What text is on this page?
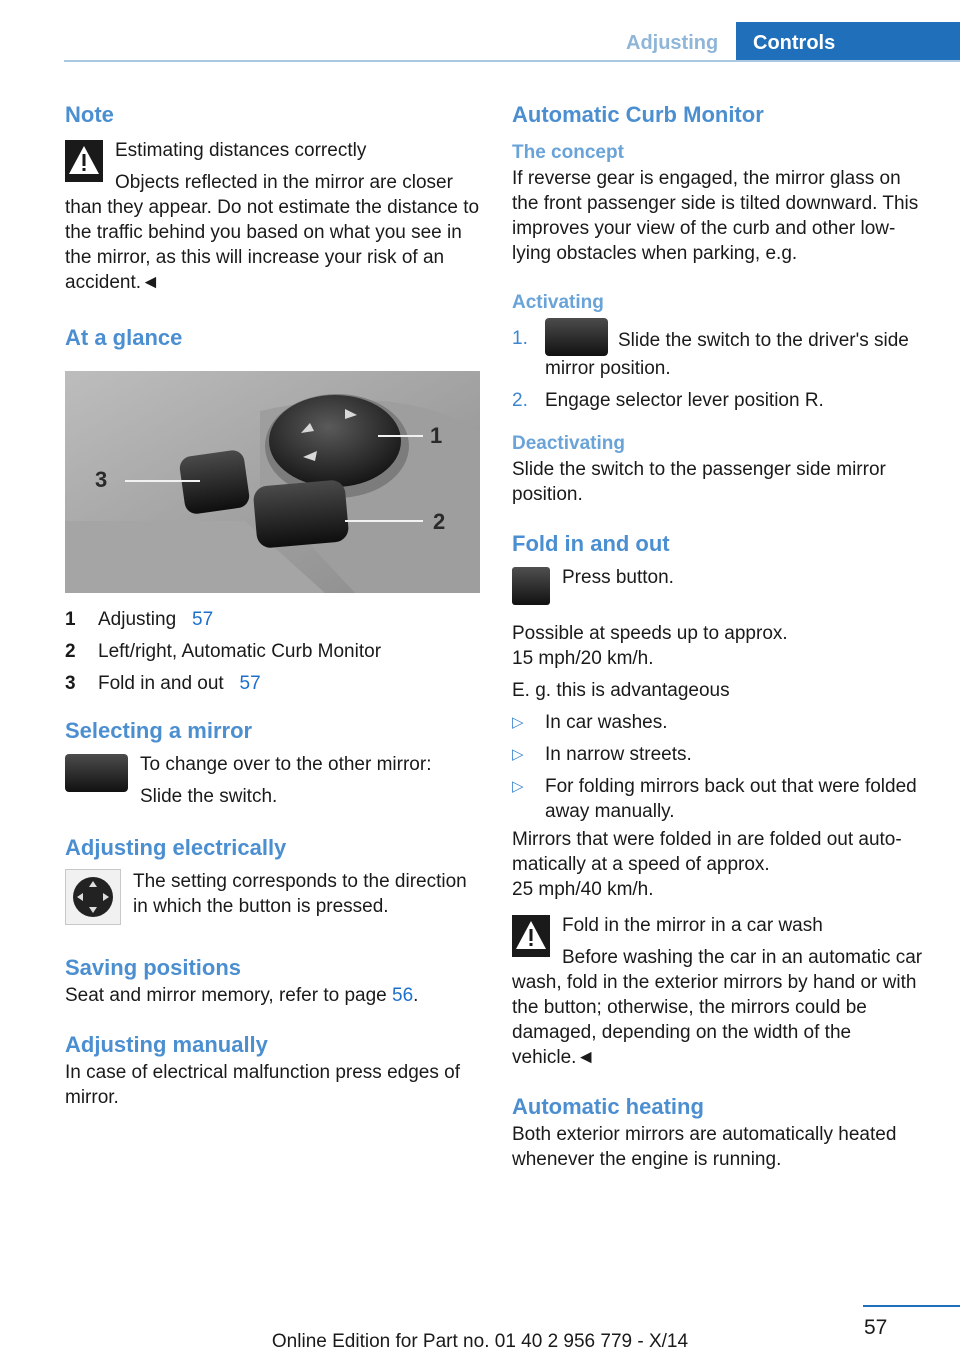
Adjusting	Controls

Note

Estimating distances correctly

Objects reflected in the mirror are closer than they appear. Do not estimate the distance to the traffic behind you based on what you see in the mirror, as this will increase your risk of an accident.◄

At a glance

1
2
3
1	Adjusting 57
2	Left/right, Automatic Curb Monitor
3	Fold in and out 57

Selecting a mirror

To change over to the other mirror:

Slide the switch.

Adjusting electrically

The setting corresponds to the direction in which the button is pressed.

Saving positions

Seat and mirror memory, refer to page 56.

Adjusting manually

In case of electrical malfunction press edges of mirror.

Automatic Curb Monitor

The concept

If reverse gear is engaged, the mirror glass on the front passenger side is tilted downward. This improves your view of the curb and other low-lying obstacles when parking, e.g.

Activating

1.	Slide the switch to the driver's side mirror position.
2. Engage selector lever position R.

Deactivating

Slide the switch to the passenger side mirror position.

Fold in and out

Press button.

Possible at speeds up to approx.

15 mph/20 km/h.

E. g. this is advantageous

▷	In car washes.
▷	In narrow streets.
▷	For folding mirrors back out that were folded away manually.

Mirrors that were folded in are folded out automatically at a speed of approx.

25 mph/40 km/h.

Fold in the mirror in a car wash

Before washing the car in an automatic car wash, fold in the exterior mirrors by hand or with the button; otherwise, the mirrors could be damaged, depending on the width of the vehicle.◄

Automatic heating

Both exterior mirrors are automatically heated whenever the engine is running.

57
Online Edition for Part no. 01 40 2 956 779 - X/14
